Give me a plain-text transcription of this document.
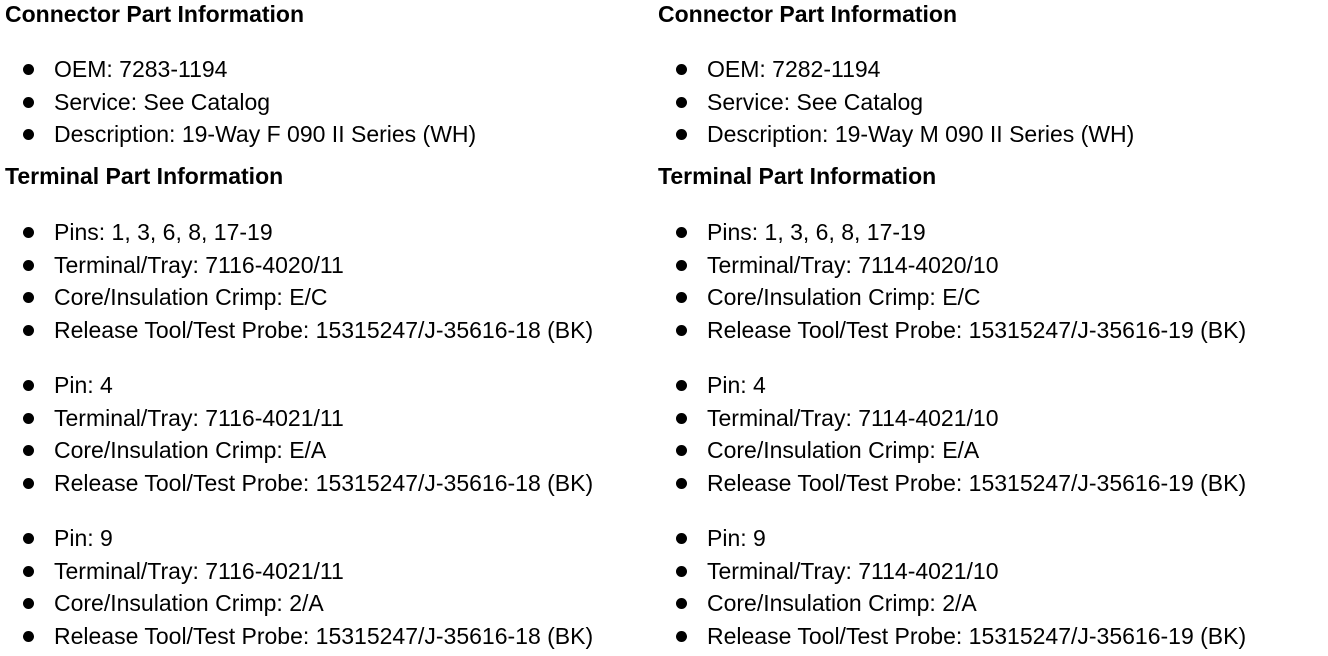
Connector Part Information
OEM: 7283-1194
Service: See Catalog
Description: 19-Way F 090 II Series (WH)
Terminal Part Information
Pins: 1, 3, 6, 8, 17-19
Terminal/Tray: 7116-4020/11
Core/Insulation Crimp: E/C
Release Tool/Test Probe: 15315247/J-35616-18 (BK)
Pin: 4
Terminal/Tray: 7116-4021/11
Core/Insulation Crimp: E/A
Release Tool/Test Probe: 15315247/J-35616-18 (BK)
Pin: 9
Terminal/Tray: 7116-4021/11
Core/Insulation Crimp: 2/A
Release Tool/Test Probe: 15315247/J-35616-18 (BK)
Connector Part Information
OEM: 7282-1194
Service: See Catalog
Description: 19-Way M 090 II Series (WH)
Terminal Part Information
Pins: 1, 3, 6, 8, 17-19
Terminal/Tray: 7114-4020/10
Core/Insulation Crimp: E/C
Release Tool/Test Probe: 15315247/J-35616-19 (BK)
Pin: 4
Terminal/Tray: 7114-4021/10
Core/Insulation Crimp: E/A
Release Tool/Test Probe: 15315247/J-35616-19 (BK)
Pin: 9
Terminal/Tray: 7114-4021/10
Core/Insulation Crimp: 2/A
Release Tool/Test Probe: 15315247/J-35616-19 (BK)
